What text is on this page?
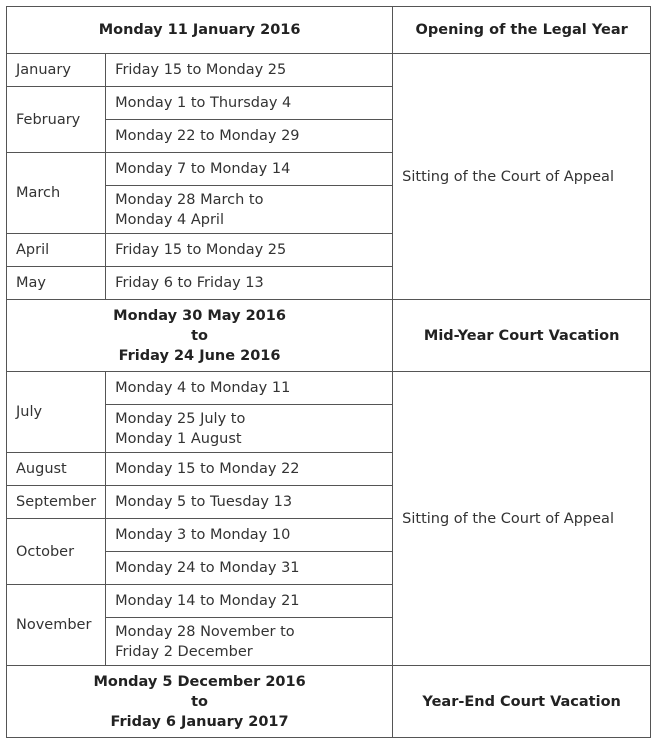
Monday 11 January 2016		Opening of the Legal Year
January	Friday 15 to Monday 25	Sitting of the Court of Appeal
February	Monday 1 to Thursday 4	
	Monday 22 to Monday 29	
March	Monday 7 to Monday 14	

	Monday 28 March to
Monday 4 April	

April	Friday 15 to Monday 25	
May	Friday 6 to Friday 13	

Monday 30 May 2016
to
Friday 24 June 2016		Mid-Year Court Vacation
July	Monday 4 to Monday 11	Sitting of the Court of Appeal

	Monday 25 July to
Monday 1 August	

August	Monday 15 to Monday 22	
September	Monday 5 to Tuesday 13	
October	Monday 3 to Monday 10	
	Monday 24 to Monday 31	
November	Monday 14 to Monday 21	

	Monday 28 November to
Friday 2 December	

Monday 5 December 2016
to
Friday 6 January 2017		Year-End Court Vacation
